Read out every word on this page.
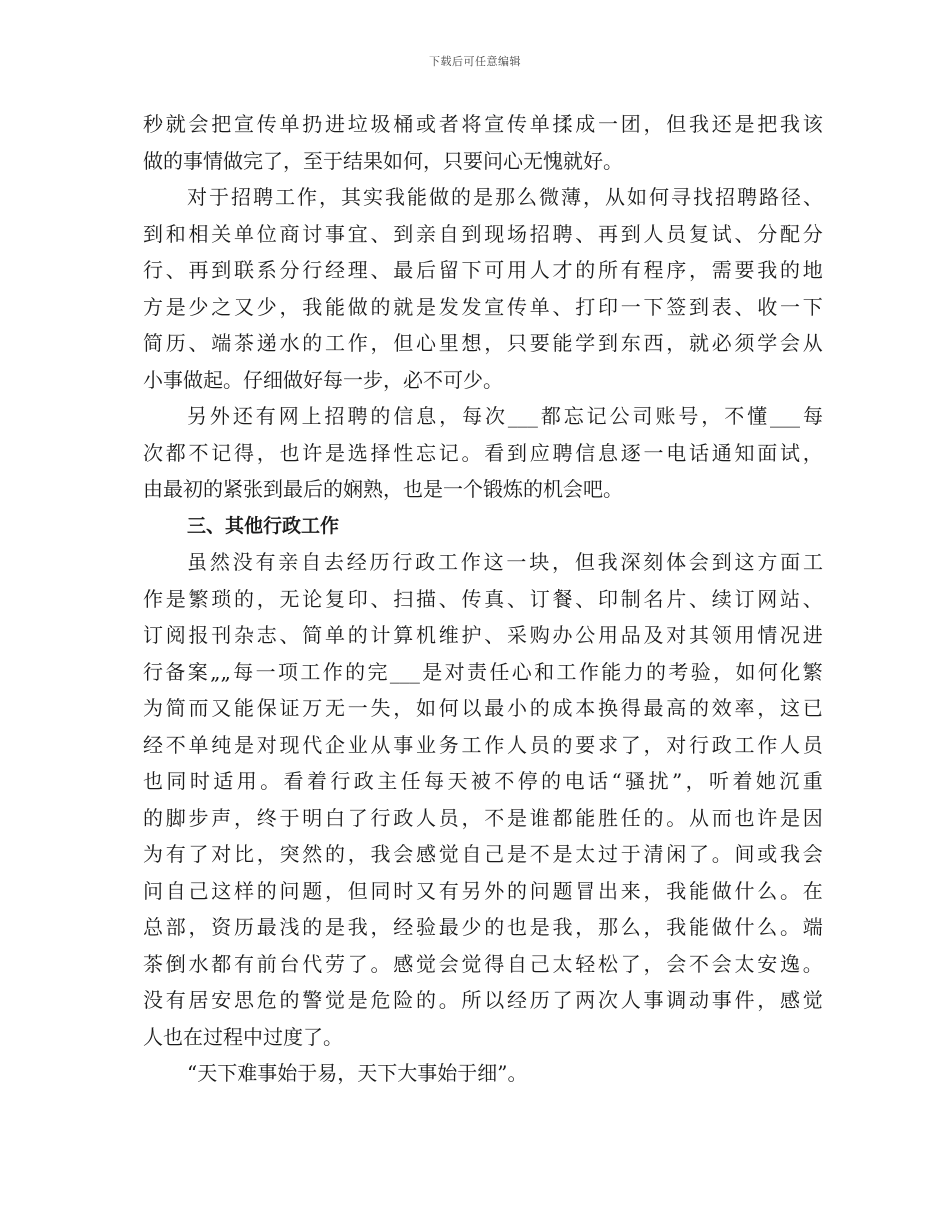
下载后可任意编辑
秒 就 会 把 宣 传 单 扔 进 垃 圾 桶 或 者 将 宣 传 单 揉 成 一 团 ， 但 我 还 是 把 我 该
做的事情做完了，至于结果如何，只要问心无愧就好。
对 于 招 聘 工 作 ， 其 实 我 能 做 的 是 那 么 微 薄 ， 从 如 何 寻 找 招 聘 路 径 、
到 和 相 关 单 位 商 讨 事 宜 、 到 亲 自 到 现 场 招 聘 、 再 到 人 员 复 试 、 分 配 分
行 、 再 到 联 系 分 行 经 理 、 最 后 留 下 可 用 人 才 的 所 有 程 序 ， 需 要 我 的 地
方 是 少 之 又 少 ， 我 能 做 的 就 是 发 发 宣 传 单 、 打 印 一 下 签 到 表 、 收 一 下
简 历 、 端 茶 递 水 的 工 作 ， 但 心 里 想 ， 只 要 能 学 到 东 西 ， 就 必 须 学 会 从
小事做起。仔细做好每一步，必不可少。
另 外 还 有 网 上 招 聘 的 信 息 ， 每 次 ___ 都 忘 记 公 司 账 号 ， 不 懂 ___ 每
次 都 不 记 得 ， 也 许 是 选 择 性 忘 记 。 看 到 应 聘 信 息 逐 一 电 话 通 知 面 试 ，
由最初的紧张到最后的娴熟，也是一个锻炼的机会吧。
三、其他行政工作
虽 然 没 有 亲 自 去 经 历 行 政 工 作 这 一 块 ， 但 我 深 刻 体 会 到 这 方 面 工
作 是 繁 琐 的 ， 无 论 复 印 、 扫 描 、 传 真 、 订 餐 、 印 制 名 片 、 续 订 网 站 、
订 阅 报 刊 杂 志 、 简 单 的 计 算 机 维 护 、 采 购 办 公 用 品 及 对 其 领 用 情 况 进
行 备 案 „„ 每 一 项 工 作 的 完 ___ 是 对 责 任 心 和 工 作 能 力 的 考 验 ， 如 何 化 繁
为 简 而 又 能 保 证 万 无 一 失 ， 如 何 以 最 小 的 成 本 换 得 最 高 的 效 率 ， 这 已
经 不 单 纯 是 对 现 代 企 业 从 事 业 务 工 作 人 员 的 要 求 了 ， 对 行 政 工 作 人 员
也 同 时 适 用 。 看 着 行 政 主 任 每 天 被 不 停 的 电 话 “ 骚 扰 ” ， 听 着 她 沉 重
的 脚 步 声 ， 终 于 明 白 了 行 政 人 员 ， 不 是 谁 都 能 胜 任 的 。 从 而 也 许 是 因
为 有 了 对 比 ， 突 然 的 ， 我 会 感 觉 自 己 是 不 是 太 过 于 清 闲 了 。 间 或 我 会
问 自 己 这 样 的 问 题 ， 但 同 时 又 有 另 外 的 问 题 冒 出 来 ， 我 能 做 什 么 。 在
总 部 ， 资 历 最 浅 的 是 我 ， 经 验 最 少 的 也 是 我 ， 那 么 ， 我 能 做 什 么 。 端
茶 倒 水 都 有 前 台 代 劳 了 。 感 觉 会 觉 得 自 己 太 轻 松 了 ， 会 不 会 太 安 逸 。
没 有 居 安 思 危 的 警 觉 是 危 险 的 。 所 以 经 历 了 两 次 人 事 调 动 事 件 ， 感 觉
人也在过程中过度了。
“天下难事始于易，天下大事始于细”。
